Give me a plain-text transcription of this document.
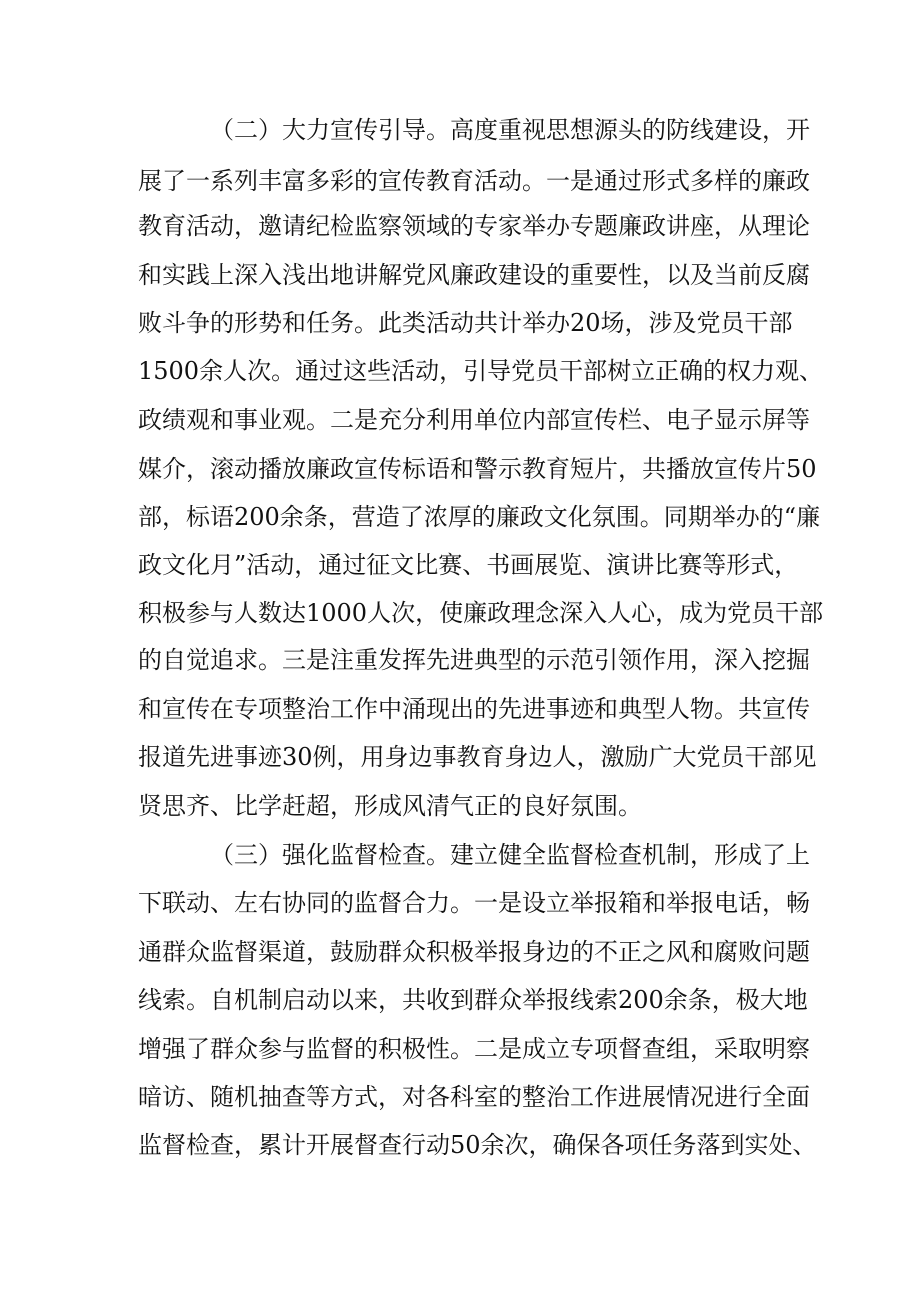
（二）大力宣传引导。高度重视思想源头的防线建设，开

展了一系列丰富多彩的宣传教育活动。一是通过形式多样的廉政

教育活动，邀请纪检监察领域的专家举办专题廉政讲座，从理论

和实践上深入浅出地讲解党风廉政建设的重要性，以及当前反腐

败斗争的形势和任务。此类活动共计举办20场，涉及党员干部

1500余人次。通过这些活动，引导党员干部树立正确的权力观、

政绩观和事业观。二是充分利用单位内部宣传栏、电子显示屏等

媒介，滚动播放廉政宣传标语和警示教育短片，共播放宣传片50

部，标语200余条，营造了浓厚的廉政文化氛围。同期举办的“廉

政文化月”活动，通过征文比赛、书画展览、演讲比赛等形式，

积极参与人数达1000人次，使廉政理念深入人心，成为党员干部

的自觉追求。三是注重发挥先进典型的示范引领作用，深入挖掘

和宣传在专项整治工作中涌现出的先进事迹和典型人物。共宣传

报道先进事迹30例，用身边事教育身边人，激励广大党员干部见

贤思齐、比学赶超，形成风清气正的良好氛围。

（三）强化监督检查。建立健全监督检查机制，形成了上

下联动、左右协同的监督合力。一是设立举报箱和举报电话，畅

通群众监督渠道，鼓励群众积极举报身边的不正之风和腐败问题

线索。自机制启动以来，共收到群众举报线索200余条，极大地

增强了群众参与监督的积极性。二是成立专项督查组，采取明察

暗访、随机抽查等方式，对各科室的整治工作进展情况进行全面

监督检查，累计开展督查行动50余次，确保各项任务落到实处、
